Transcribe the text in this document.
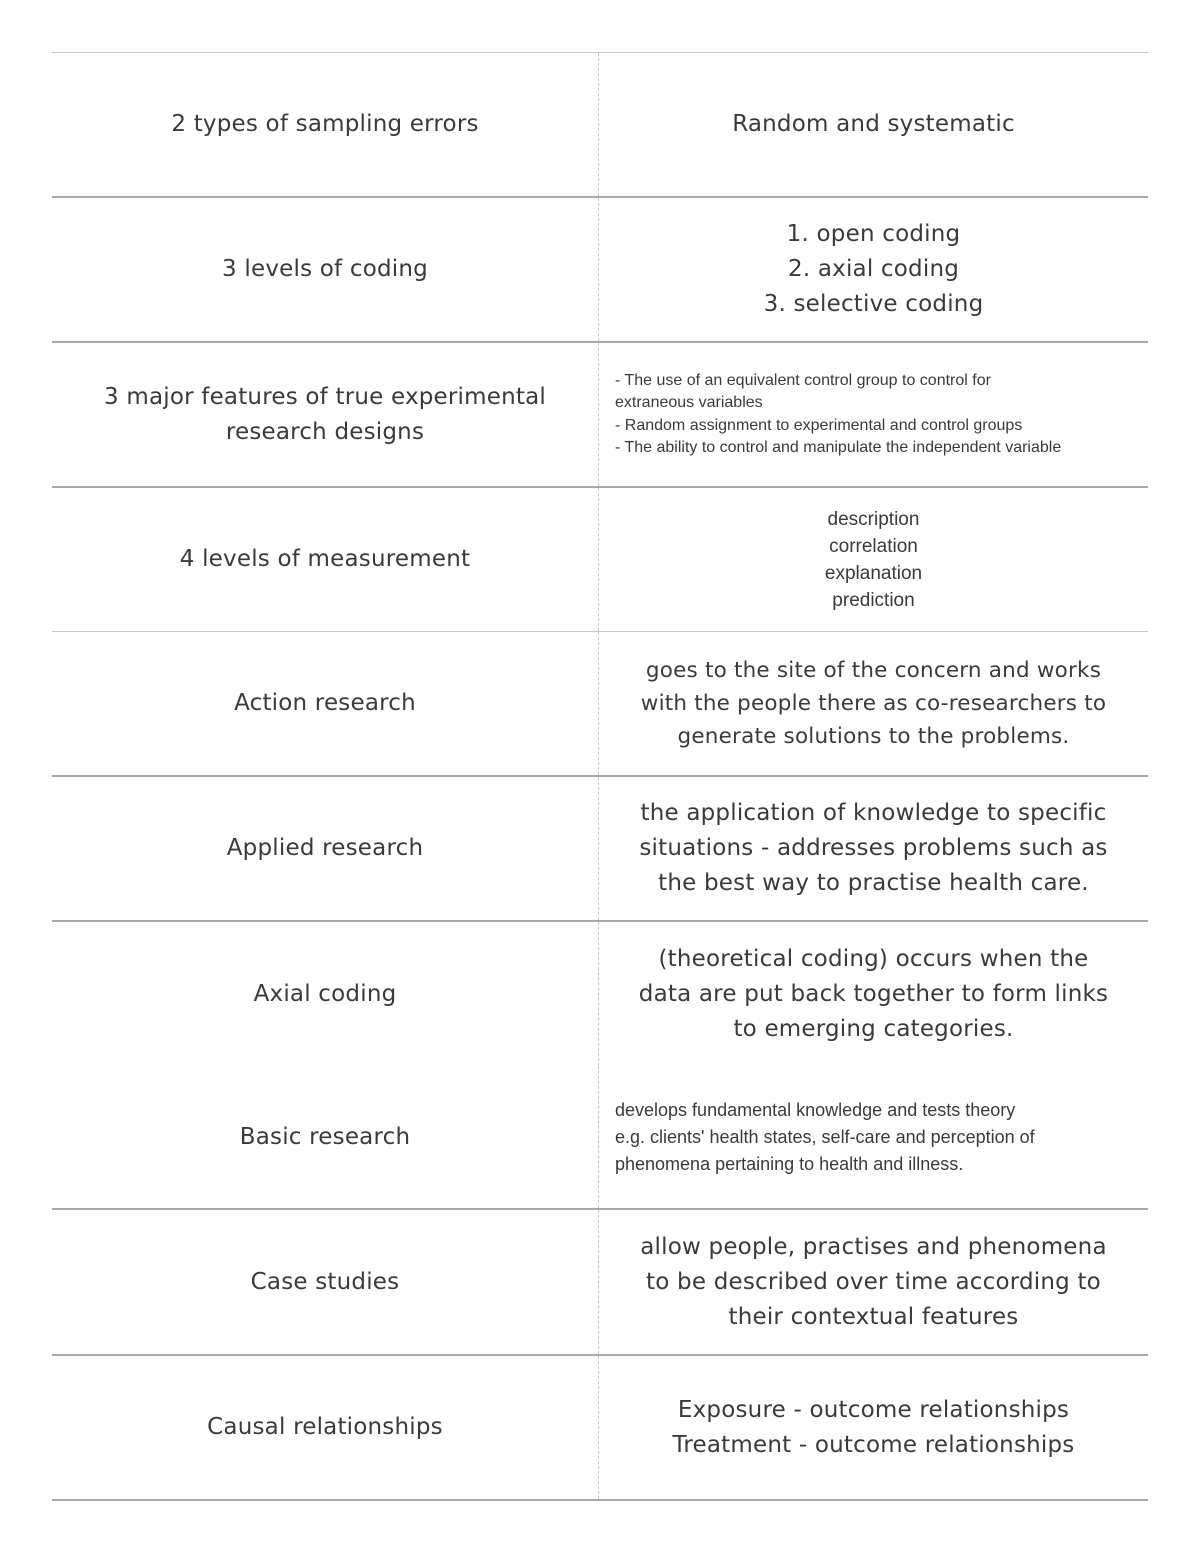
2 types of sampling errors	Random and systematic
3 levels of coding
1. open coding
2. axial coding
3. selective coding
3 major features of true experimental research designs
- The use of an equivalent control group to control for
extraneous variables
- Random assignment to experimental and control groups
- The ability to control and manipulate the independent variable
4 levels of measurement
description
correlation
explanation
prediction
Action research
goes to the site of the concern and works
with the people there as co-researchers to
generate solutions to the problems.
Applied research
the application of knowledge to specific
situations - addresses problems such as
the best way to practise health care.
Axial coding
(theoretical coding) occurs when the
data are put back together to form links
to emerging categories.
Basic research
develops fundamental knowledge and tests theory
e.g. clients' health states, self-care and perception of
phenomena pertaining to health and illness.
Case studies
allow people, practises and phenomena
to be described over time according to
their contextual features
Causal relationships
Exposure - outcome relationships
Treatment - outcome relationships
